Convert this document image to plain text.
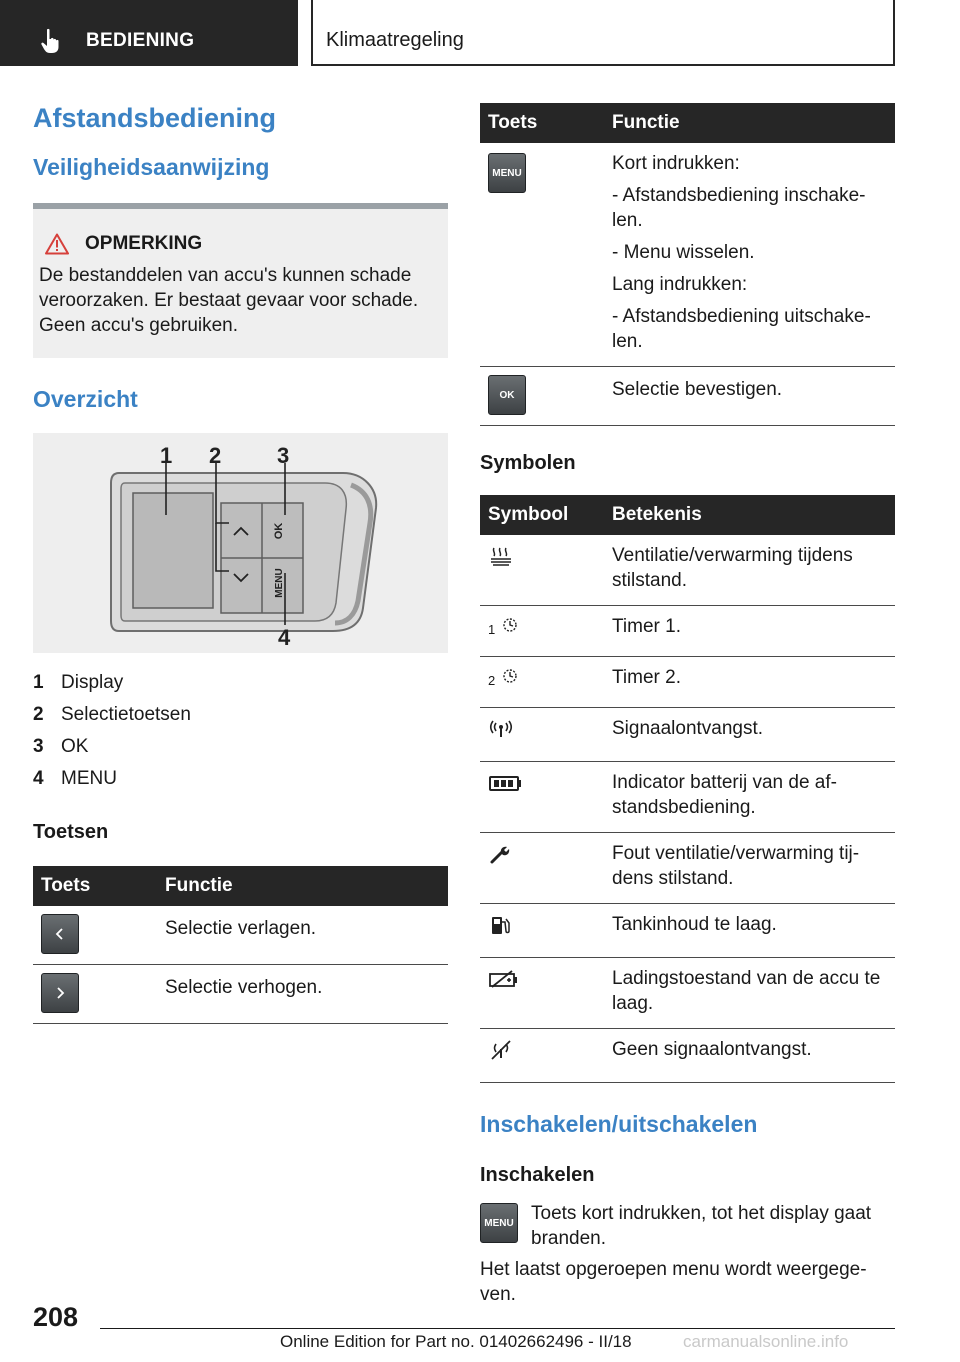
BEDIENING	Klimaatregeling
Afstandsbediening
Veiligheidsaanwijzing
OPMERKING

De bestanddelen van accu's kunnen schade veroorzaken. Er bestaat gevaar voor schade. Geen accu's gebruiken.

Overzicht
OK
MENU
1 2	3
4
1 Display
2 Selectietoetsen
3 OK
4 MENU
Toetsen
Toets	Functie

	Selectie verlagen.

	Selectie verhogen.
Toets	Functie

MENU	Kort indrukken:

- Afstandsbediening inschake-len.

- Menu wisselen.

Lang indrukken:

- Afstandsbediening uitschake-len.

OK	Selectie bevestigen.
Symbolen
Symbool	Betekenis
	Ventilatie/verwarming tijdens stilstand.
1	Timer 1.
2	Timer 2.
	Signaalontvangst.
	Indicator batterij van de af-standsbediening.
	Fout ventilatie/verwarming tij-dens stilstand.
	Tankinhoud te laag.
	Ladingstoestand van de accu te laag.
	Geen signaalontvangst.
Inschakelen/uitschakelen
Inschakelen
MENU Toets kort indrukken, tot het display gaat branden.

Het laatst opgeroepen menu wordt weergege-ven.

208
Online Edition for Part no. 01402662496 - II/18	carmanualsonline.info
